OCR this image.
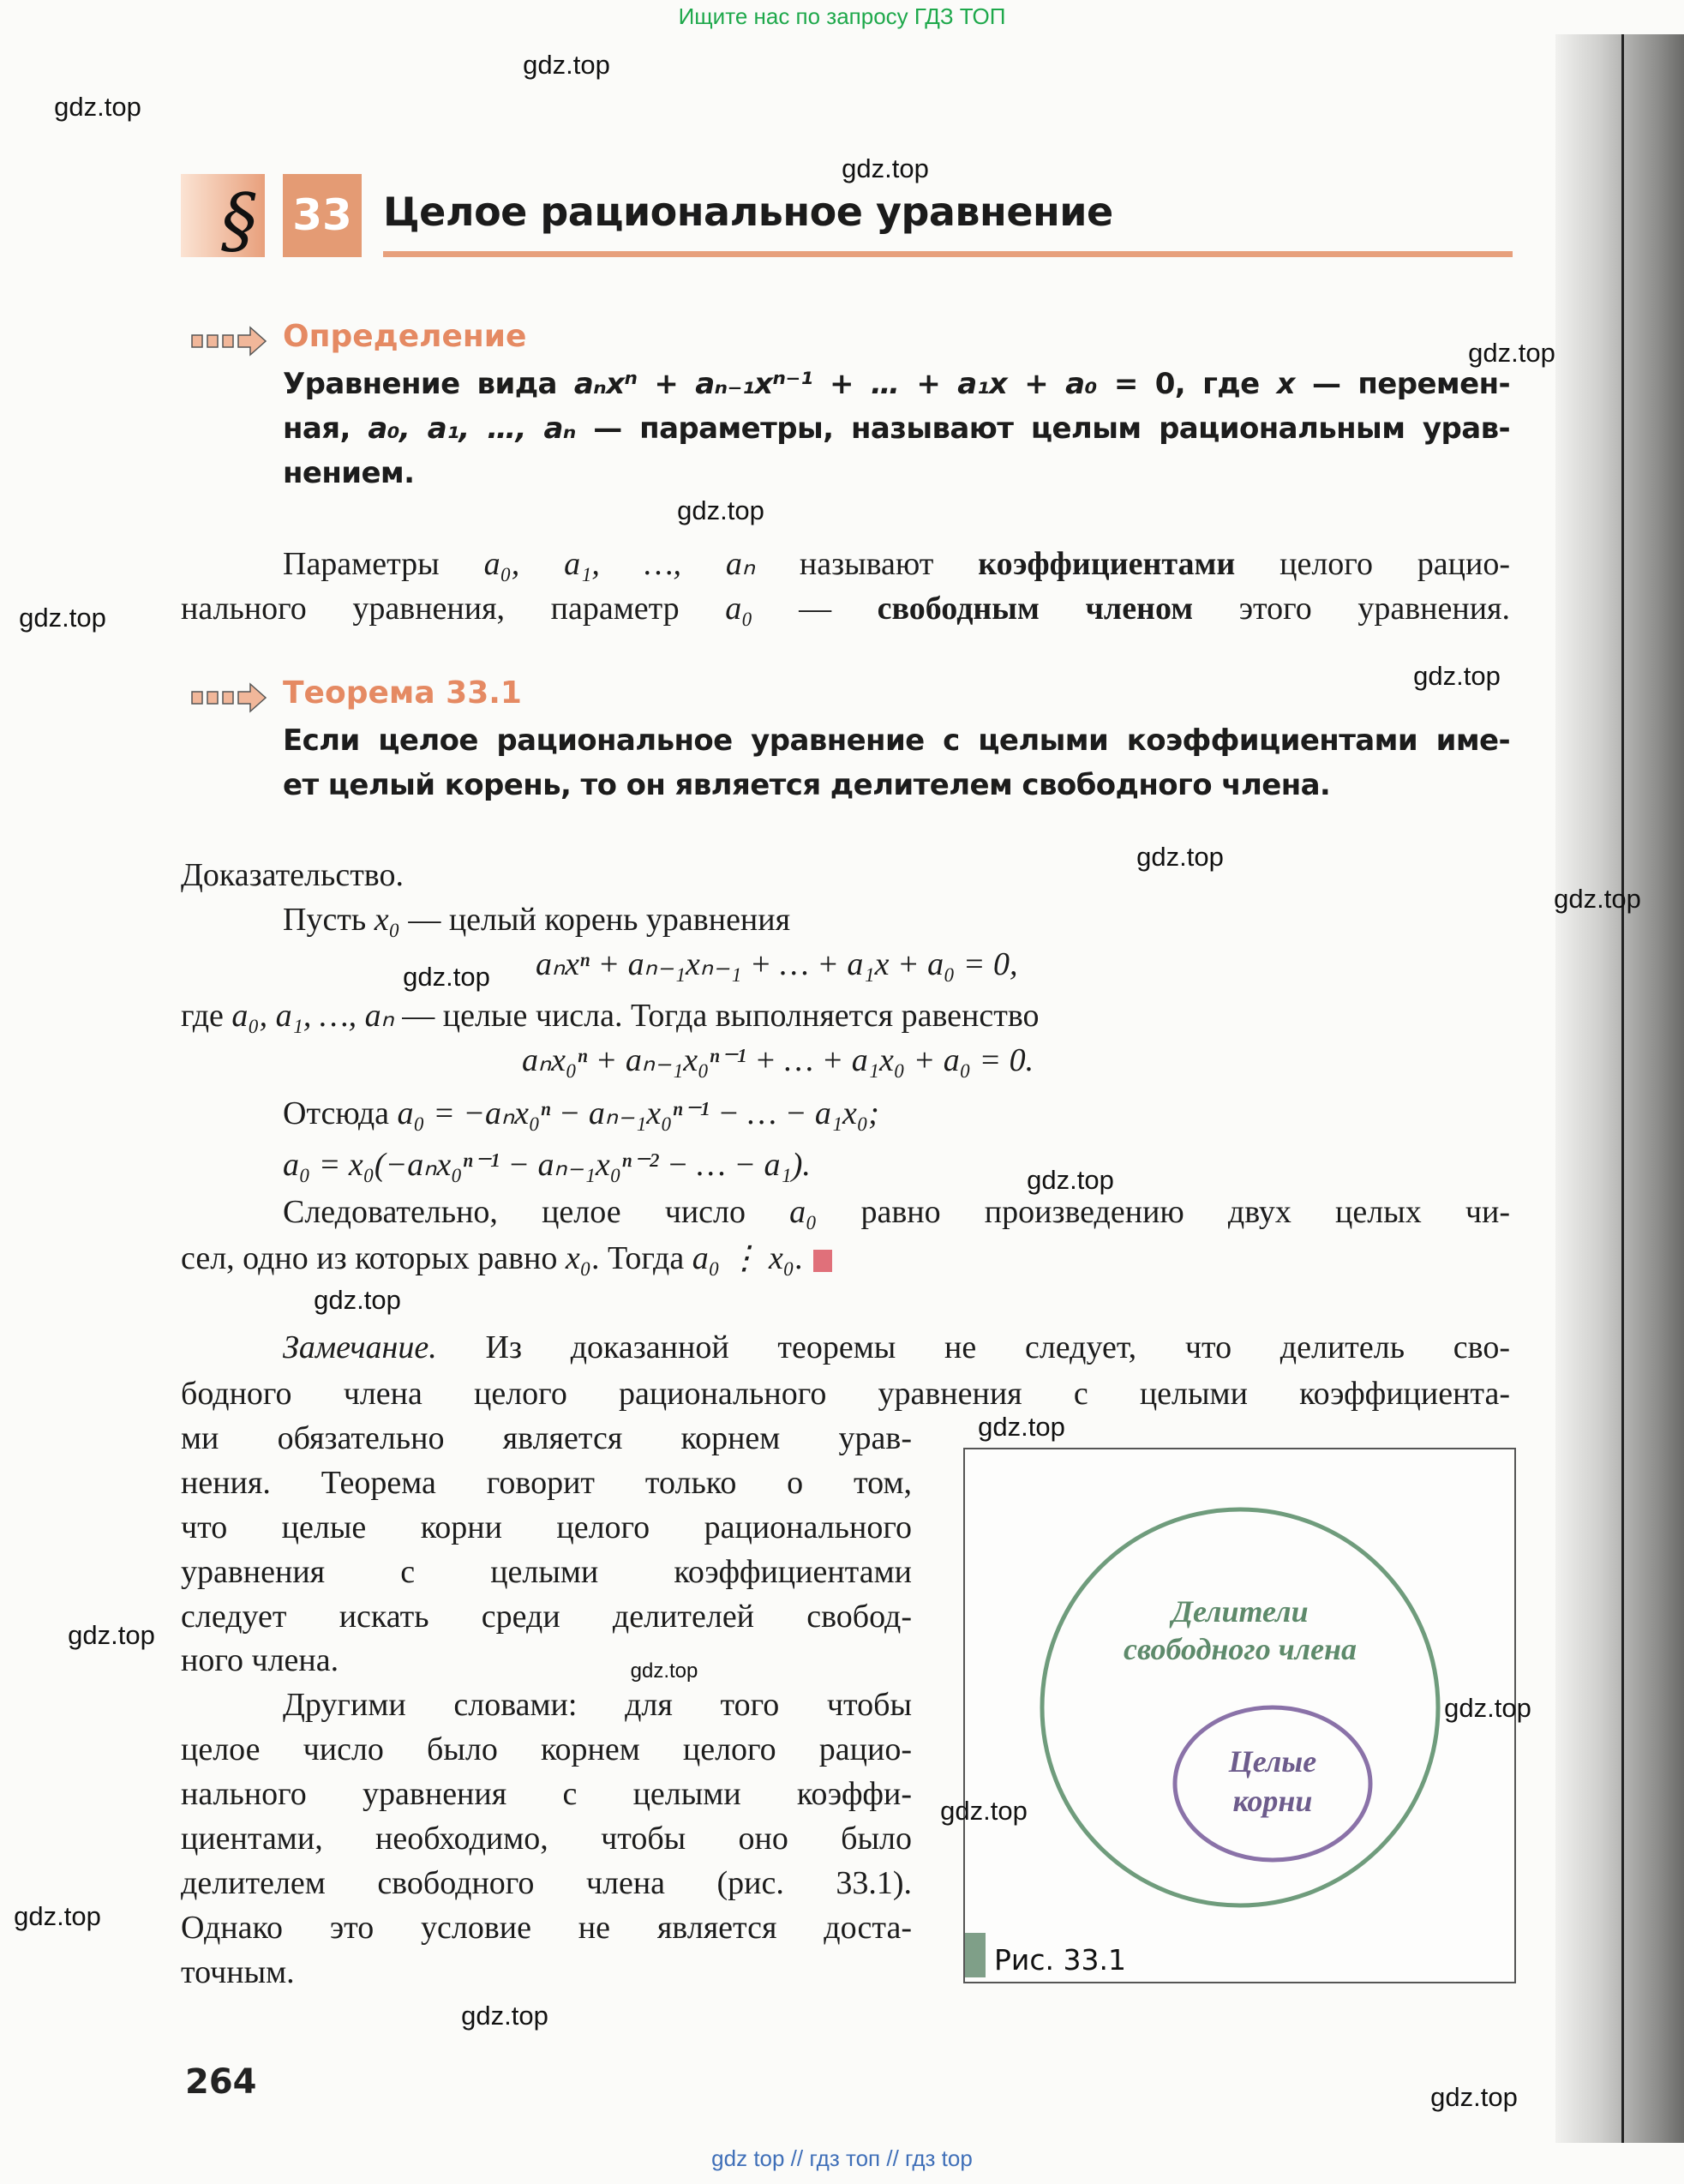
Ищите нас по запросу ГДЗ ТОП
§ 33 Целое рациональное уравнение
Определение
Уравнение вида aₙxⁿ + aₙ₋₁xⁿ⁻¹ + … + a₁x + a₀ = 0, где x — перемен-
ная, a₀, a₁, …, aₙ — параметры, называют целым рациональным урав-
нением.
Параметры a₀, a₁, …, aₙ называют коэффициентами целого рацио-
нального уравнения, параметр a₀ — свободным членом этого уравнения.
Теорема 33.1
Если целое рациональное уравнение с целыми коэффициентами име-
ет целый корень, то он является делителем свободного члена.
Доказательство.
Пусть x₀ — целый корень уравнения
aₙxⁿ + aₙ₋₁xₙ₋₁ + … + a₁x + a₀ = 0,
где a₀, a₁, …, aₙ — целые числа. Тогда выполняется равенство
aₙx₀ⁿ + aₙ₋₁x₀ⁿ⁻¹ + … + a₁x₀ + a₀ = 0.
Отсюда a₀ = −aₙx₀ⁿ − aₙ₋₁x₀ⁿ⁻¹ − … − a₁x₀;
a₀ = x₀(−aₙx₀ⁿ⁻¹ − aₙ₋₁x₀ⁿ⁻² − … − a₁).
Следовательно, целое число a₀ равно произведению двух целых чи-
сел, одно из которых равно x₀. Тогда a₀ ⋮ x₀.
Замечание. Из доказанной теоремы не следует, что делитель сво-
бодного члена целого рационального уравнения с целыми коэффициента-
ми обязательно является корнем урав-
нения. Теорема говорит только о том,
что целые корни целого рационального
уравнения с целыми коэффициентами
следует искать среди делителей свобод-
ного члена.
Другими словами: для того чтобы
целое число было корнем целого рацио-
нального уравнения с целыми коэффи-
циентами, необходимо, чтобы оно было
делителем свободного члена (рис. 33.1).
Однако это условие не является доста-
точным.
Делители
свободного члена
Целые
корни
Рис. 33.1
264
gdz.top
gdz.top
gdz.top
gdz.top
gdz.top
gdz.top
gdz.top
gdz.top
gdz.top
gdz.top
gdz.top
gdz.top
gdz.top
gdz.top
gdz.top
gdz.top
gdz.top
gdz.top
gdz.top
gdz.top
gdz top // гдз топ // гдз top
